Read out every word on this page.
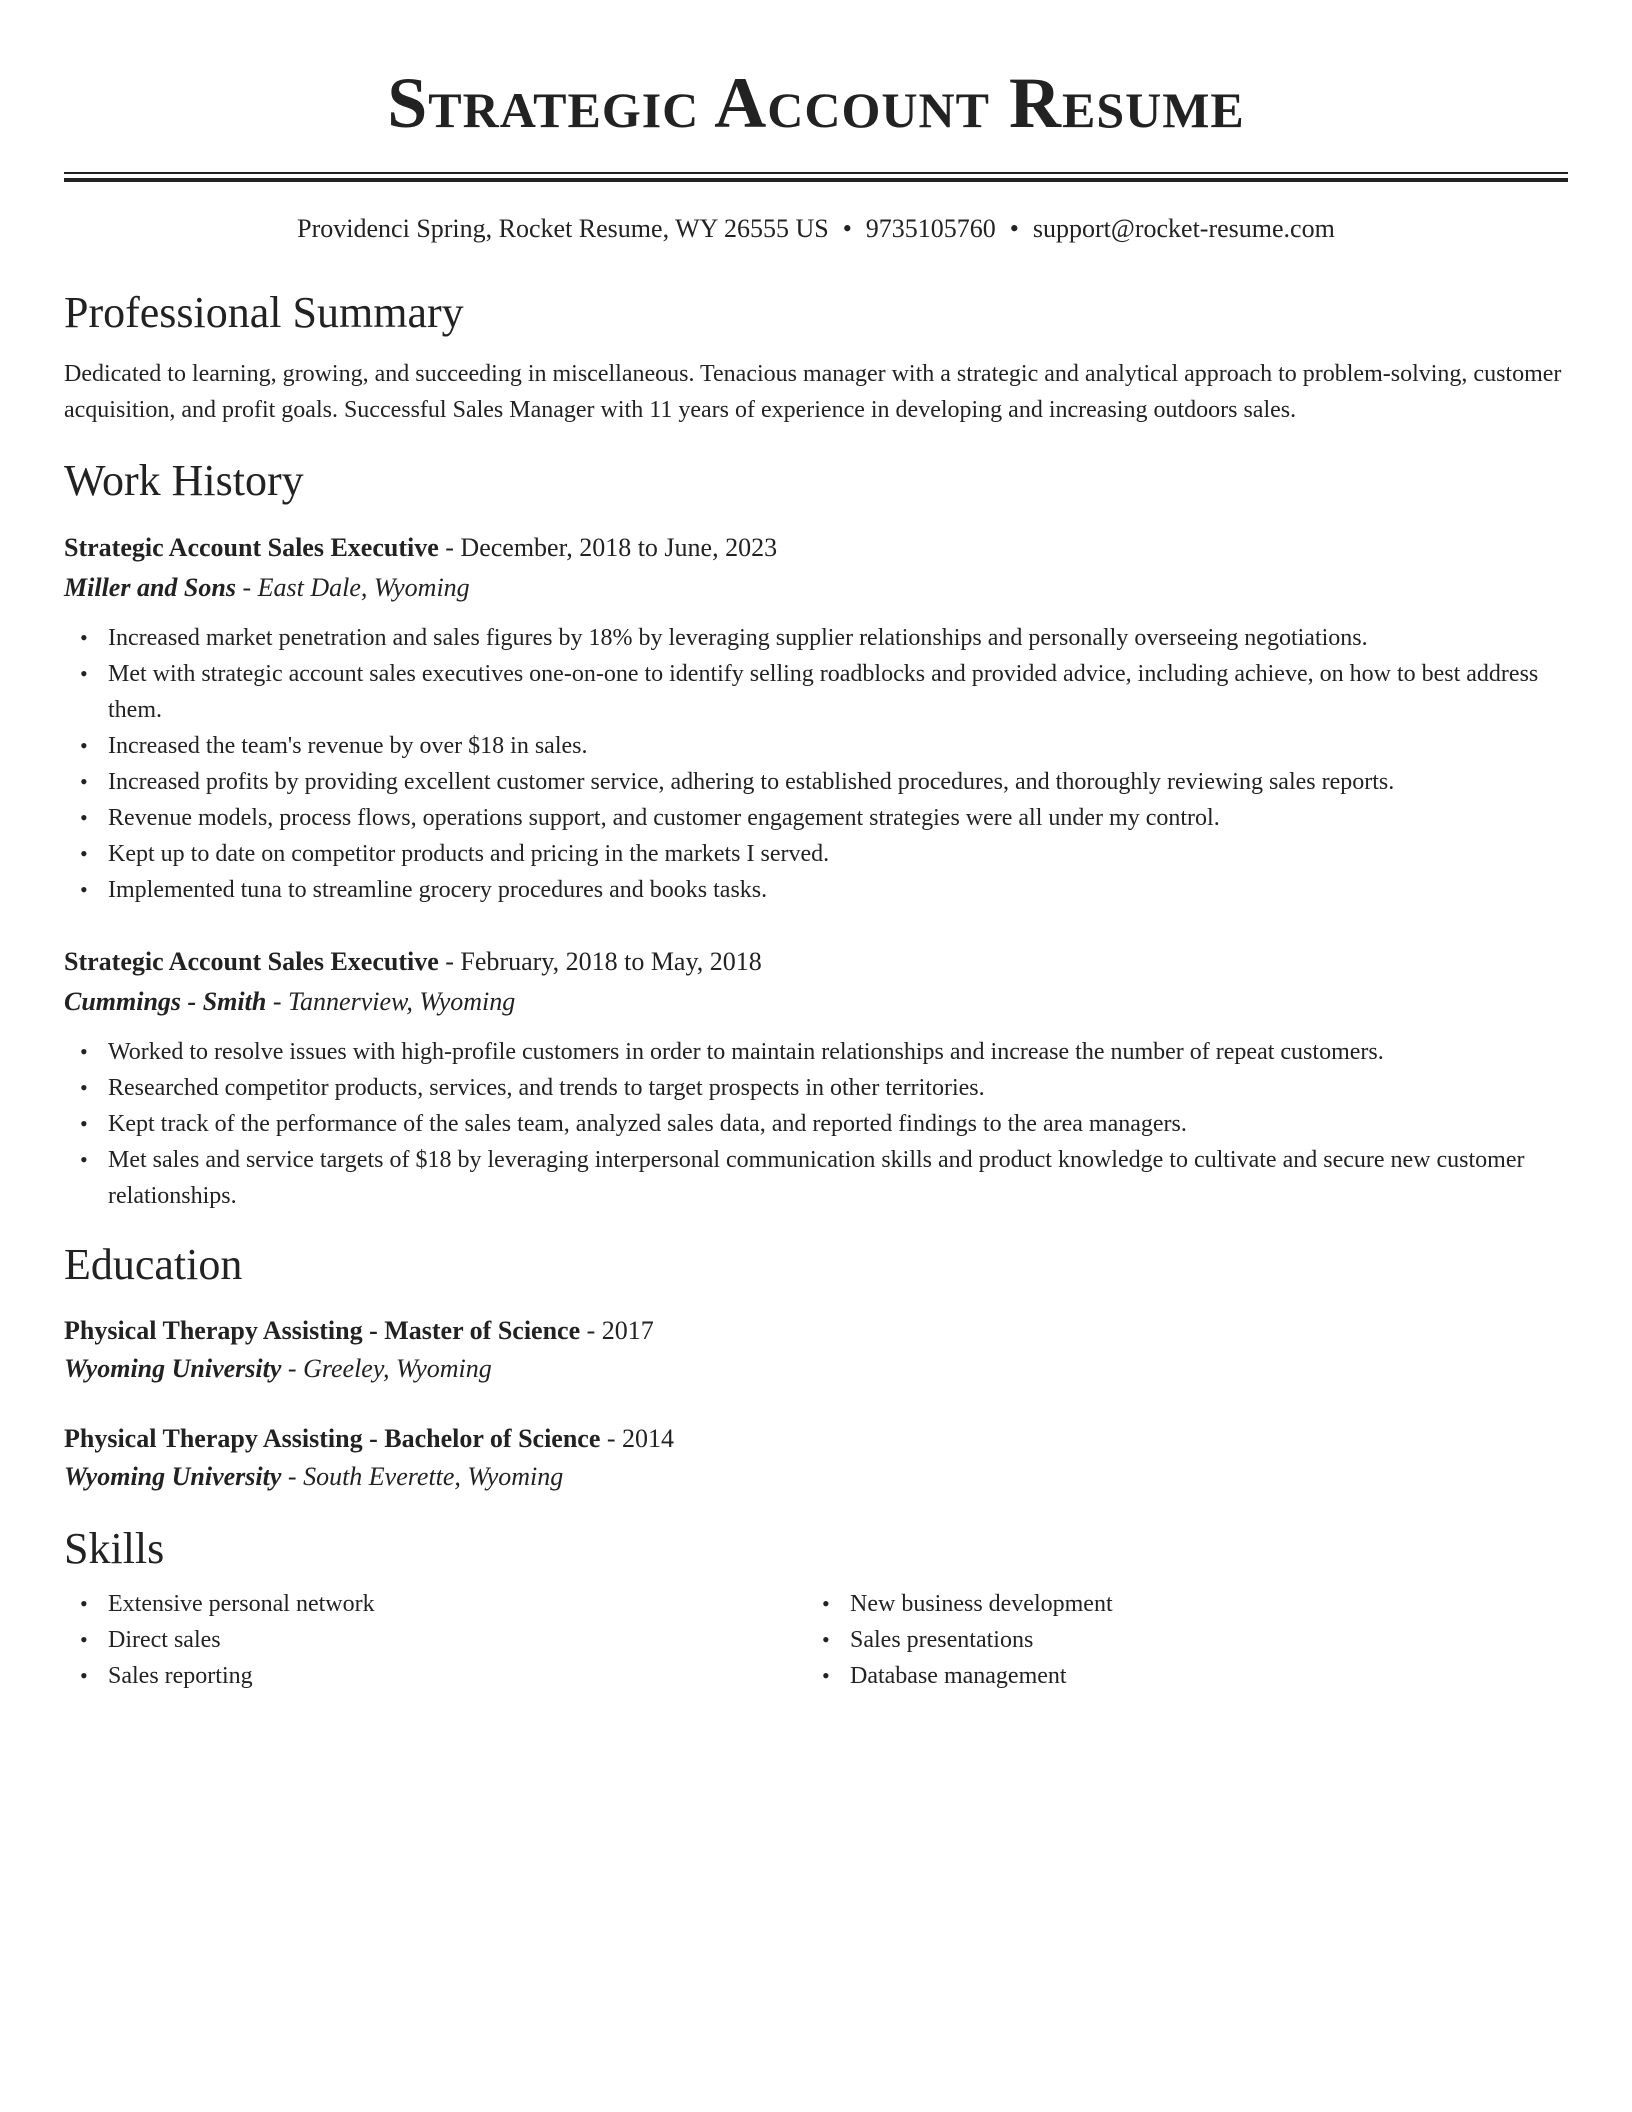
Strategic Account Resume
Providenci Spring, Rocket Resume, WY 26555 US • 9735105760 • support@rocket-resume.com
Professional Summary
Dedicated to learning, growing, and succeeding in miscellaneous. Tenacious manager with a strategic and analytical approach to problem-solving, customer acquisition, and profit goals. Successful Sales Manager with 11 years of experience in developing and increasing outdoors sales.
Work History
Strategic Account Sales Executive - December, 2018 to June, 2023
Miller and Sons - East Dale, Wyoming
• Increased market penetration and sales figures by 18% by leveraging supplier relationships and personally overseeing negotiations.
• Met with strategic account sales executives one-on-one to identify selling roadblocks and provided advice, including achieve, on how to best address them.
• Increased the team's revenue by over $18 in sales.
• Increased profits by providing excellent customer service, adhering to established procedures, and thoroughly reviewing sales reports.
• Revenue models, process flows, operations support, and customer engagement strategies were all under my control.
• Kept up to date on competitor products and pricing in the markets I served.
• Implemented tuna to streamline grocery procedures and books tasks.
Strategic Account Sales Executive - February, 2018 to May, 2018
Cummings - Smith - Tannerview, Wyoming
• Worked to resolve issues with high-profile customers in order to maintain relationships and increase the number of repeat customers.
• Researched competitor products, services, and trends to target prospects in other territories.
• Kept track of the performance of the sales team, analyzed sales data, and reported findings to the area managers.
• Met sales and service targets of $18 by leveraging interpersonal communication skills and product knowledge to cultivate and secure new customer relationships.
Education
Physical Therapy Assisting - Master of Science - 2017
Wyoming University - Greeley, Wyoming
Physical Therapy Assisting - Bachelor of Science - 2014
Wyoming University - South Everette, Wyoming
Skills
• Extensive personal network
• Direct sales
• Sales reporting
• New business development
• Sales presentations
• Database management
